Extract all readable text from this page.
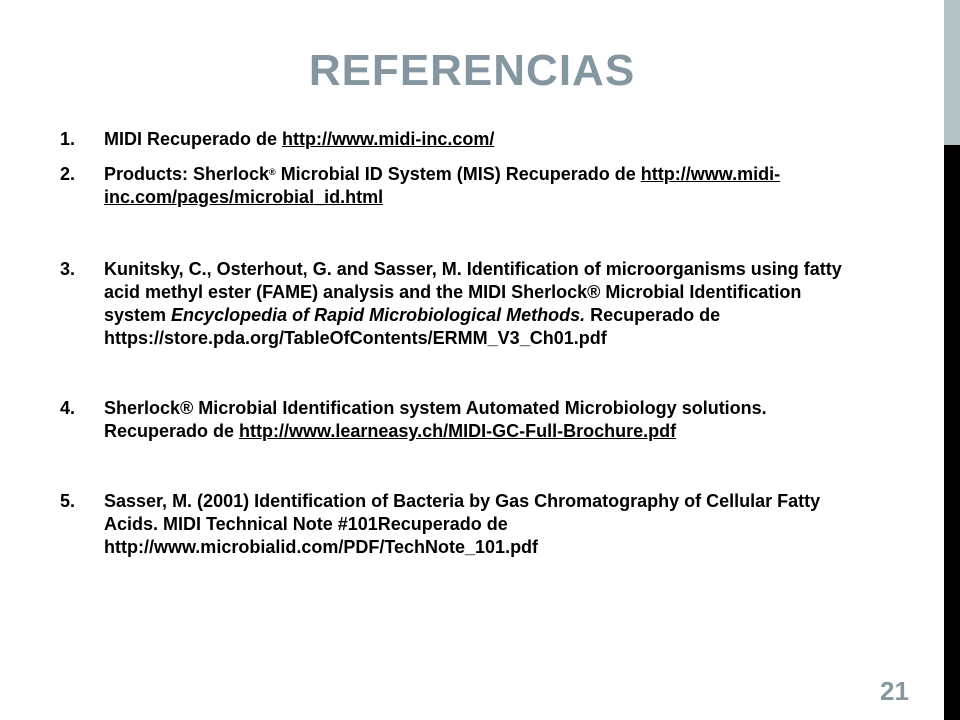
REFERENCIAS
1. MIDI Recuperado de http://www.midi-inc.com/
2. Products: Sherlock® Microbial ID System (MIS) Recuperado de http://www.midi-inc.com/pages/microbial_id.html
3. Kunitsky, C., Osterhout, G. and Sasser, M. Identification of microorganisms using fatty acid methyl ester (FAME) analysis and the MIDI Sherlock® Microbial Identification system Encyclopedia of Rapid Microbiological Methods. Recuperado de https://store.pda.org/TableOfContents/ERMM_V3_Ch01.pdf
4. Sherlock® Microbial Identification system Automated Microbiology solutions. Recuperado de http://www.learneasy.ch/MIDI-GC-Full-Brochure.pdf
5. Sasser, M. (2001) Identification of Bacteria by Gas Chromatography of Cellular Fatty Acids. MIDI Technical Note #101Recuperado de http://www.microbialid.com/PDF/TechNote_101.pdf
21
